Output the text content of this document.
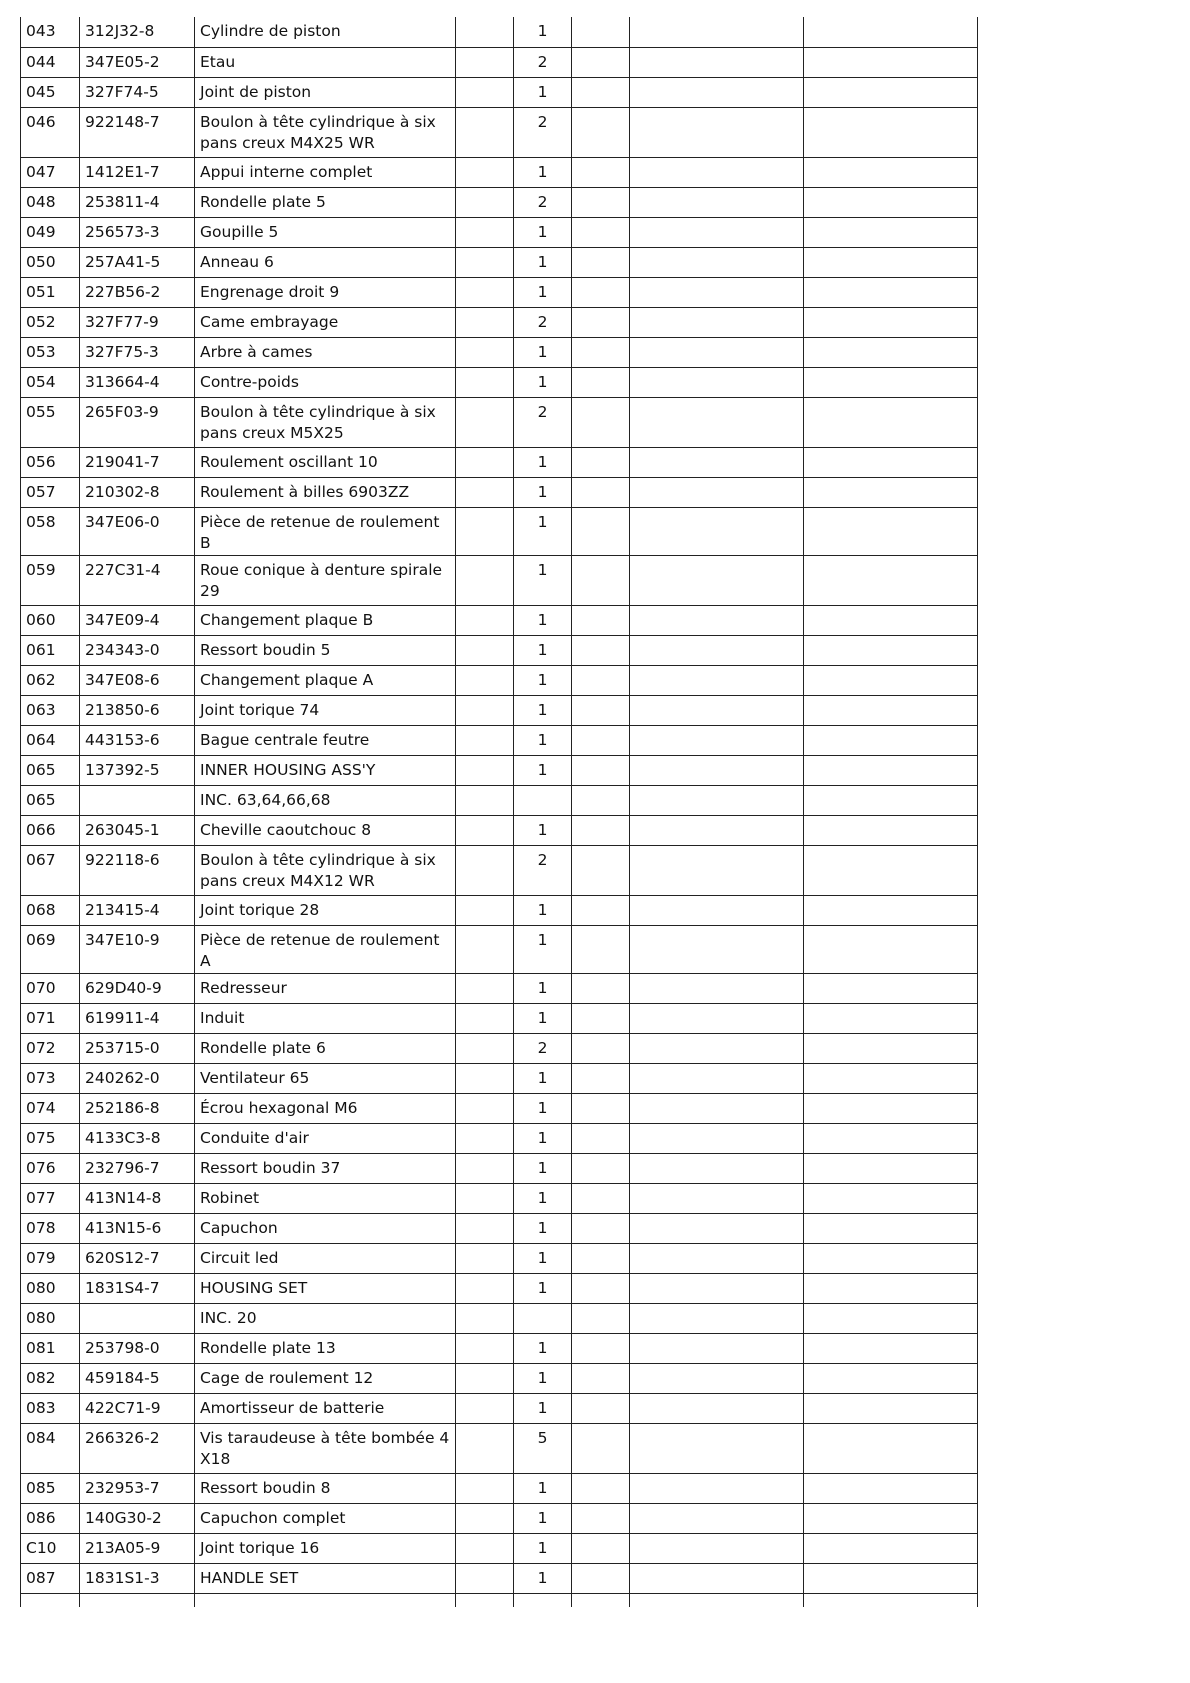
043	312J32-8	Cylindre de piston		1			
044	347E05-2	Etau		2			
045	327F74-5	Joint de piston		1			
046	922148-7	Boulon à tête cylindrique à six pans creux M4X25 WR		2			
047	1412E1-7	Appui interne complet		1			
048	253811-4	Rondelle plate 5		2			
049	256573-3	Goupille 5		1			
050	257A41-5	Anneau 6		1			
051	227B56-2	Engrenage droit 9		1			
052	327F77-9	Came embrayage		2			
053	327F75-3	Arbre à cames		1			
054	313664-4	Contre-poids		1			
055	265F03-9	Boulon à tête cylindrique à six pans creux M5X25		2			
056	219041-7	Roulement oscillant 10		1			
057	210302-8	Roulement à billes 6903ZZ		1			
058	347E06-0	Pièce de retenue de roulement B		1			
059	227C31-4	Roue conique à denture spirale 29		1			
060	347E09-4	Changement plaque B		1			
061	234343-0	Ressort boudin 5		1			
062	347E08-6	Changement plaque A		1			
063	213850-6	Joint torique 74		1			
064	443153-6	Bague centrale feutre		1			
065	137392-5	INNER HOUSING ASS'Y		1			
065		INC. 63,64,66,68					
066	263045-1	Cheville caoutchouc 8		1			
067	922118-6	Boulon à tête cylindrique à six pans creux M4X12 WR		2			
068	213415-4	Joint torique 28		1			
069	347E10-9	Pièce de retenue de roulement A		1			
070	629D40-9	Redresseur		1			
071	619911-4	Induit		1			
072	253715-0	Rondelle plate 6		2			
073	240262-0	Ventilateur 65		1			
074	252186-8	Écrou hexagonal M6		1			
075	4133C3-8	Conduite d'air		1			
076	232796-7	Ressort boudin 37		1			
077	413N14-8	Robinet		1			
078	413N15-6	Capuchon		1			
079	620S12-7	Circuit led		1			
080	1831S4-7	HOUSING SET		1			
080		INC. 20					
081	253798-0	Rondelle plate 13		1			
082	459184-5	Cage de roulement 12		1			
083	422C71-9	Amortisseur de batterie		1			
084	266326-2	Vis taraudeuse à tête bombée 4X18		5			
085	232953-7	Ressort boudin 8		1			
086	140G30-2	Capuchon complet		1			
C10	213A05-9	Joint torique 16		1			
087	1831S1-3	HANDLE SET		1			
